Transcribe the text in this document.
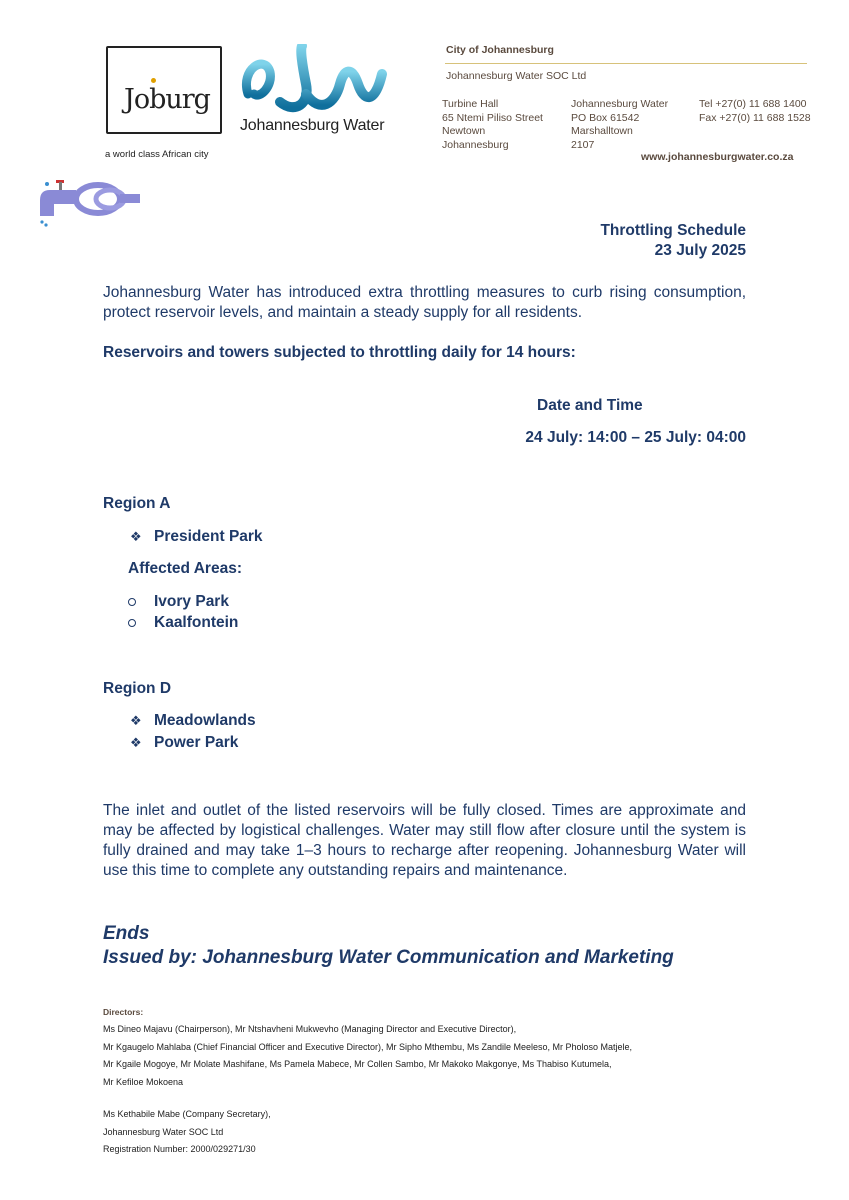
Joburg
a world class African city
Johannesburg Water
City of Johannesburg
Johannesburg Water SOC Ltd
Turbine Hall
65 Ntemi Piliso Street
Newtown
Johannesburg
Johannesburg Water
PO Box 61542
Marshalltown
2107
Tel +27(0) 11 688 1400
Fax +27(0) 11 688 1528
www.johannesburgwater.co.za
Throttling Schedule
23 July 2025
Johannesburg Water has introduced extra throttling measures to curb rising consumption, protect reservoir levels, and maintain a steady supply for all residents.
Reservoirs and towers subjected to throttling daily for 14 hours:
Date and Time
24 July: 14:00 – 25 July: 04:00
Region A
❖ President Park
Affected Areas:
Ivory Park
Kaalfontein
Region D
❖ Meadowlands
❖ Power Park
The inlet and outlet of the listed reservoirs will be fully closed. Times are approximate and may be affected by logistical challenges. Water may still flow after closure until the system is fully drained and may take 1–3 hours to recharge after reopening. Johannesburg Water will use this time to complete any outstanding repairs and maintenance.
Ends
Issued by: Johannesburg Water Communication and Marketing
Directors:
Ms Dineo Majavu (Chairperson), Mr Ntshavheni Mukwevho (Managing Director and Executive Director),
Mr Kgaugelo Mahlaba (Chief Financial Officer and Executive Director), Mr Sipho Mthembu, Ms Zandile Meeleso, Mr Pholoso Matjele,
Mr Kgaile Mogoye, Mr Molate Mashifane, Ms Pamela Mabece, Mr Collen Sambo, Mr Makoko Makgonye, Ms Thabiso Kutumela,
Mr Kefiloe Mokoena
Ms Kethabile Mabe (Company Secretary),
Johannesburg Water SOC Ltd
Registration Number: 2000/029271/30
